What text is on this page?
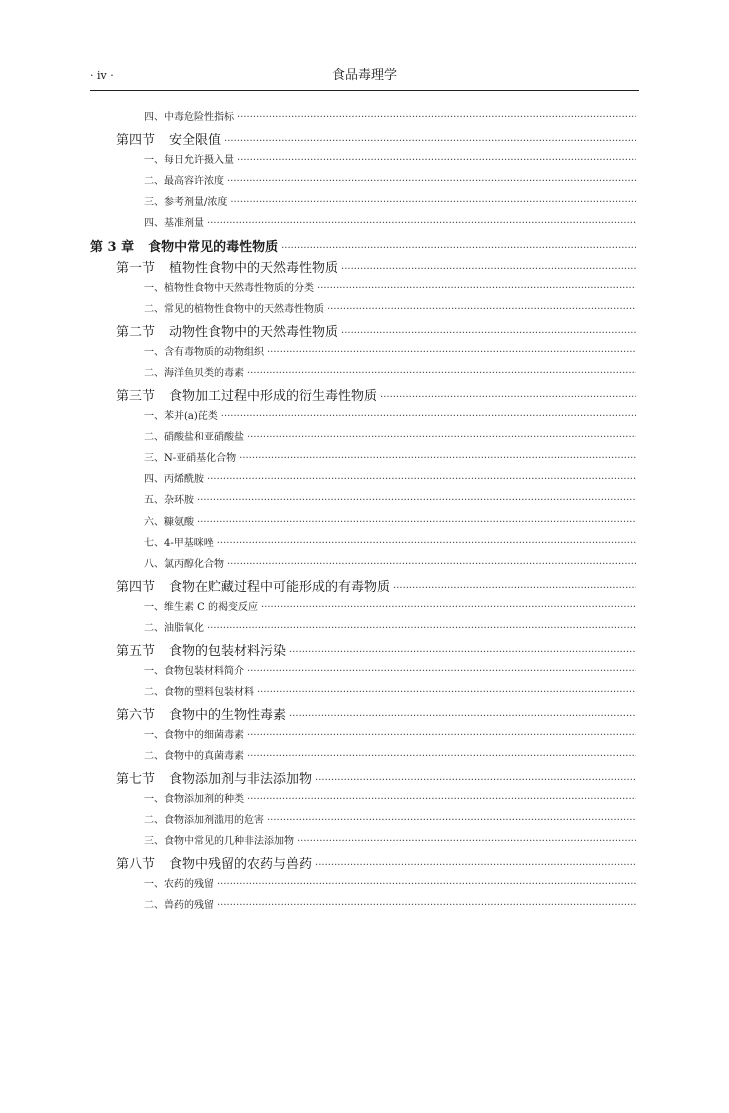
· iv ·	食品毒理学
四、中毒危险性指标
·····
第四节 安全限值
·····
一、每日允许摄入量
·····
二、最高容许浓度
·····
三、参考剂量/浓度
·····
四、基准剂量
·····
第 3 章 食物中常见的毒性物质
·····
第一节 植物性食物中的天然毒性物质
·····
一、植物性食物中天然毒性物质的分类
·····
二、常见的植物性食物中的天然毒性物质
·····
第二节 动物性食物中的天然毒性物质
·····
一、含有毒物质的动物组织
·····
二、海洋鱼贝类的毒素
·····
第三节 食物加工过程中形成的衍生毒性物质
·····
一、苯并(a)芘类
·····
二、硝酸盐和亚硝酸盐
·····
三、N-亚硝基化合物
·····
四、丙烯酰胺
·····
五、杂环胺
·····
六、糠氨酸
·····
七、4-甲基咪唑
·····
八、氯丙醇化合物
·····
第四节 食物在贮藏过程中可能形成的有毒物质
·····
一、维生素 C 的褐变反应
·····
二、油脂氧化
·····
第五节 食物的包装材料污染
·····
一、食物包装材料简介
·····
二、食物的塑料包装材料
·····
第六节 食物中的生物性毒素
·····
一、食物中的细菌毒素
·····
二、食物中的真菌毒素
·····
第七节 食物添加剂与非法添加物
·····
一、食物添加剂的种类
·····
二、食物添加剂滥用的危害
·····
三、食物中常见的几种非法添加物
·····
第八节 食物中残留的农药与兽药
·····
一、农药的残留
·····
二、兽药的残留
·····
